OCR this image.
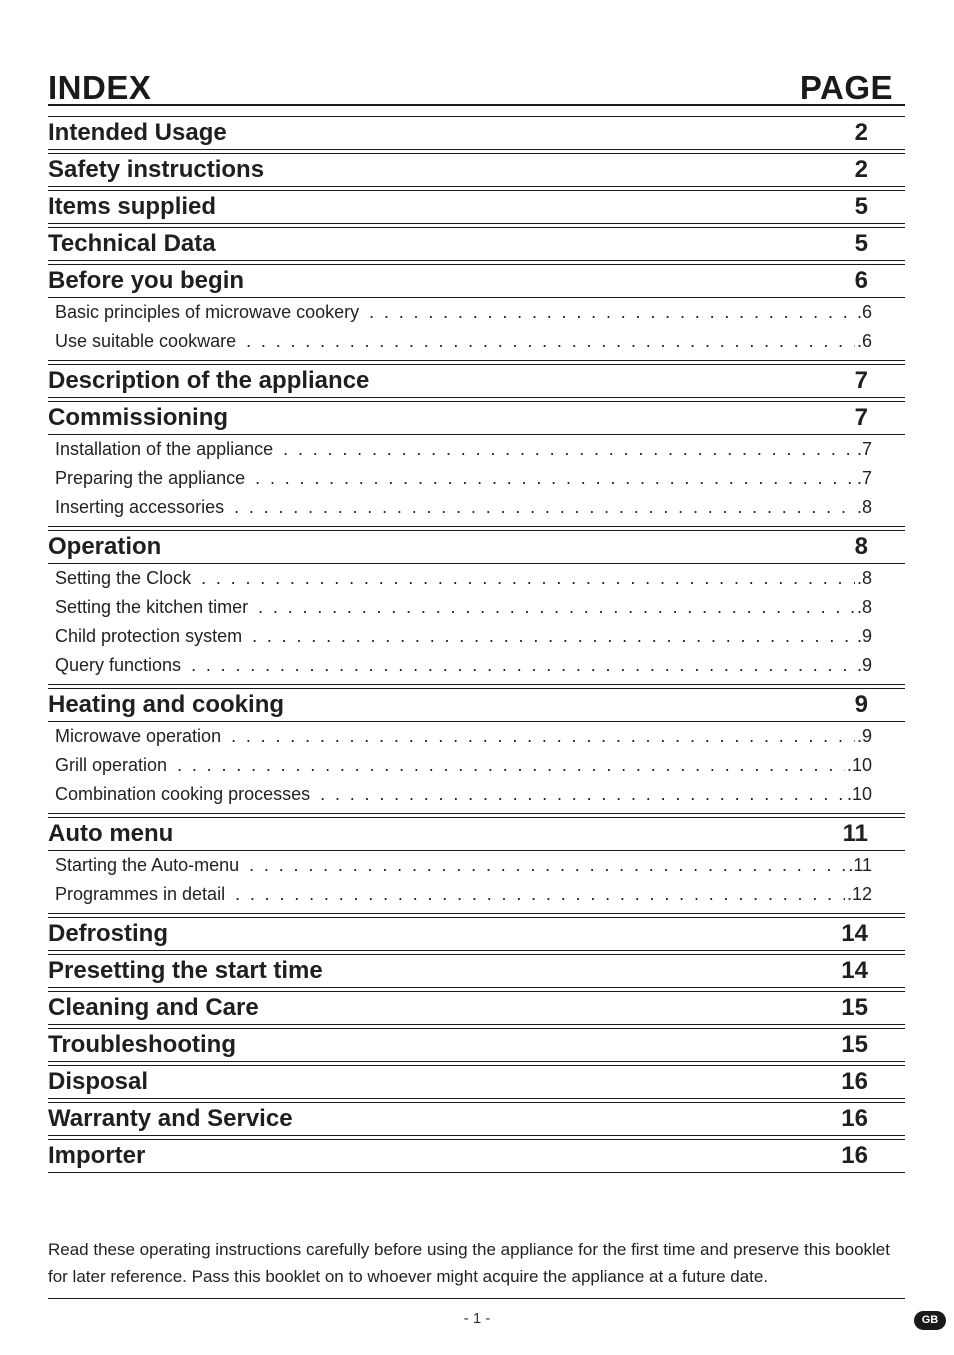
INDEX	PAGE
Intended Usage	2
Safety instructions	2
Items supplied	5
Technical Data	5
Before you begin	6
Basic principles of microwave cookery . . .	.6
Use suitable cookware . . .	.6
Description of the appliance	7
Commissioning	7
Installation of the appliance . . .	.7
Preparing the appliance . . .	.7
Inserting accessories . . .	.8
Operation	8
Setting the Clock . . .	.8
Setting the kitchen timer . . .	.8
Child protection system . . .	.9
Query functions . . .	.9
Heating and cooking	9
Microwave operation . . .	.9
Grill operation . . .	.10
Combination cooking processes . . .	.10
Auto menu	11
Starting the Auto-menu . . .	.11
Programmes in detail . . .	.12
Defrosting	14
Presetting the start time	14
Cleaning and Care	15
Troubleshooting	15
Disposal	16
Warranty and Service	16
Importer	16
Read these operating instructions carefully before using the appliance for the first time and preserve this booklet for later reference. Pass this booklet on to whoever might acquire the appliance at a future date.
- 1 -	GB
